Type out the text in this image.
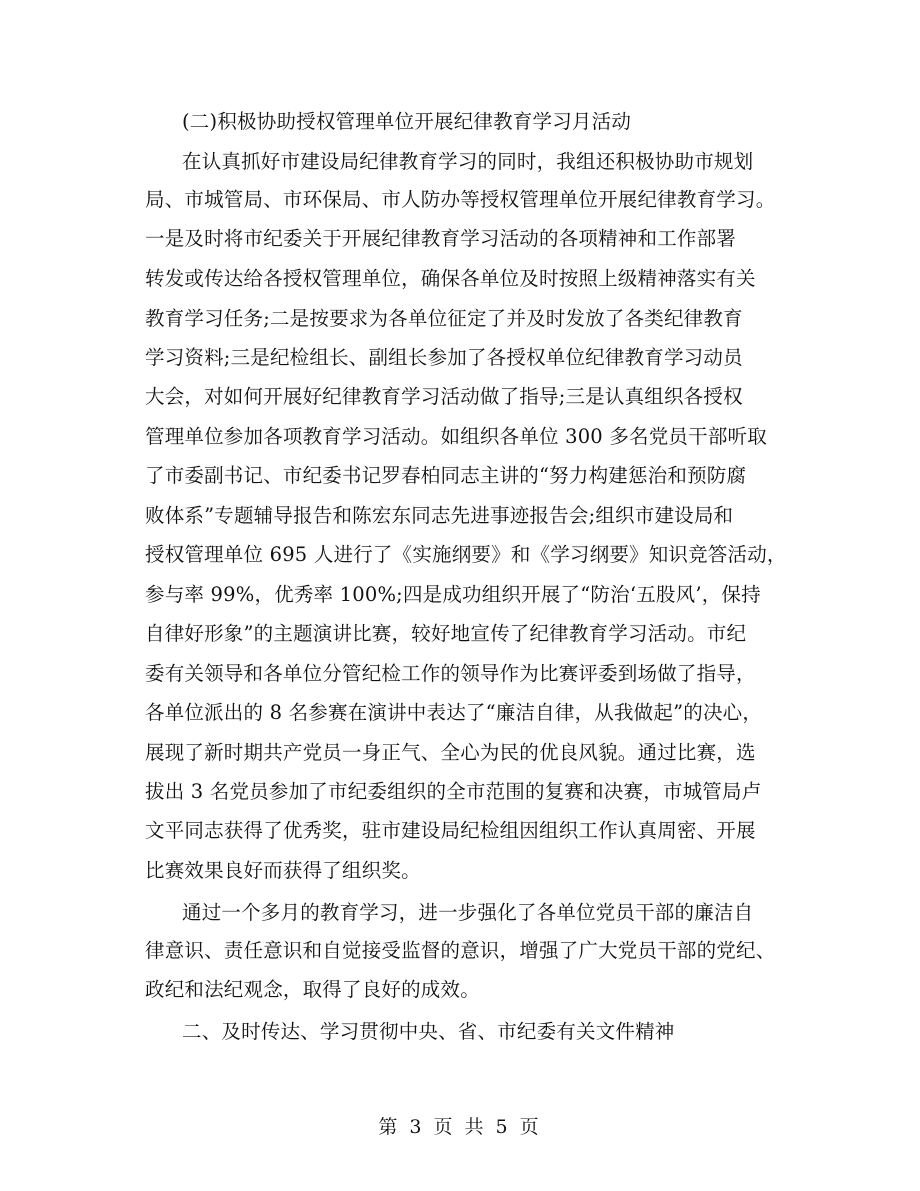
(二)积极协助授权管理单位开展纪律教育学习月活动
在认真抓好市建设局纪律教育学习的同时，我组还积极协助市规划
局、市城管局、市环保局、市人防办等授权管理单位开展纪律教育学习。
一是及时将市纪委关于开展纪律教育学习活动的各项精神和工作部署
转发或传达给各授权管理单位，确保各单位及时按照上级精神落实有关
教育学习任务;二是按要求为各单位征定了并及时发放了各类纪律教育
学习资料;三是纪检组长、副组长参加了各授权单位纪律教育学习动员
大会，对如何开展好纪律教育学习活动做了指导;三是认真组织各授权
管理单位参加各项教育学习活动。如组织各单位 300 多名党员干部听取
了市委副书记、市纪委书记罗春柏同志主讲的“努力构建惩治和预防腐
败体系”专题辅导报告和陈宏东同志先进事迹报告会;组织市建设局和
授权管理单位 695 人进行了《实施纲要》和《学习纲要》知识竞答活动，
参与率 99%，优秀率 100%;四是成功组织开展了“防治‘五股风’，保持
自律好形象”的主题演讲比赛，较好地宣传了纪律教育学习活动。市纪
委有关领导和各单位分管纪检工作的领导作为比赛评委到场做了指导，
各单位派出的 8 名参赛在演讲中表达了“廉洁自律，从我做起”的决心，
展现了新时期共产党员一身正气、全心为民的优良风貌。通过比赛，选
拔出 3 名党员参加了市纪委组织的全市范围的复赛和决赛，市城管局卢
文平同志获得了优秀奖，驻市建设局纪检组因组织工作认真周密、开展
比赛效果良好而获得了组织奖。
通过一个多月的教育学习，进一步强化了各单位党员干部的廉洁自
律意识、责任意识和自觉接受监督的意识，增强了广大党员干部的党纪、
政纪和法纪观念，取得了良好的成效。
二、及时传达、学习贯彻中央、省、市纪委有关文件精神
第 3 页 共 5 页
